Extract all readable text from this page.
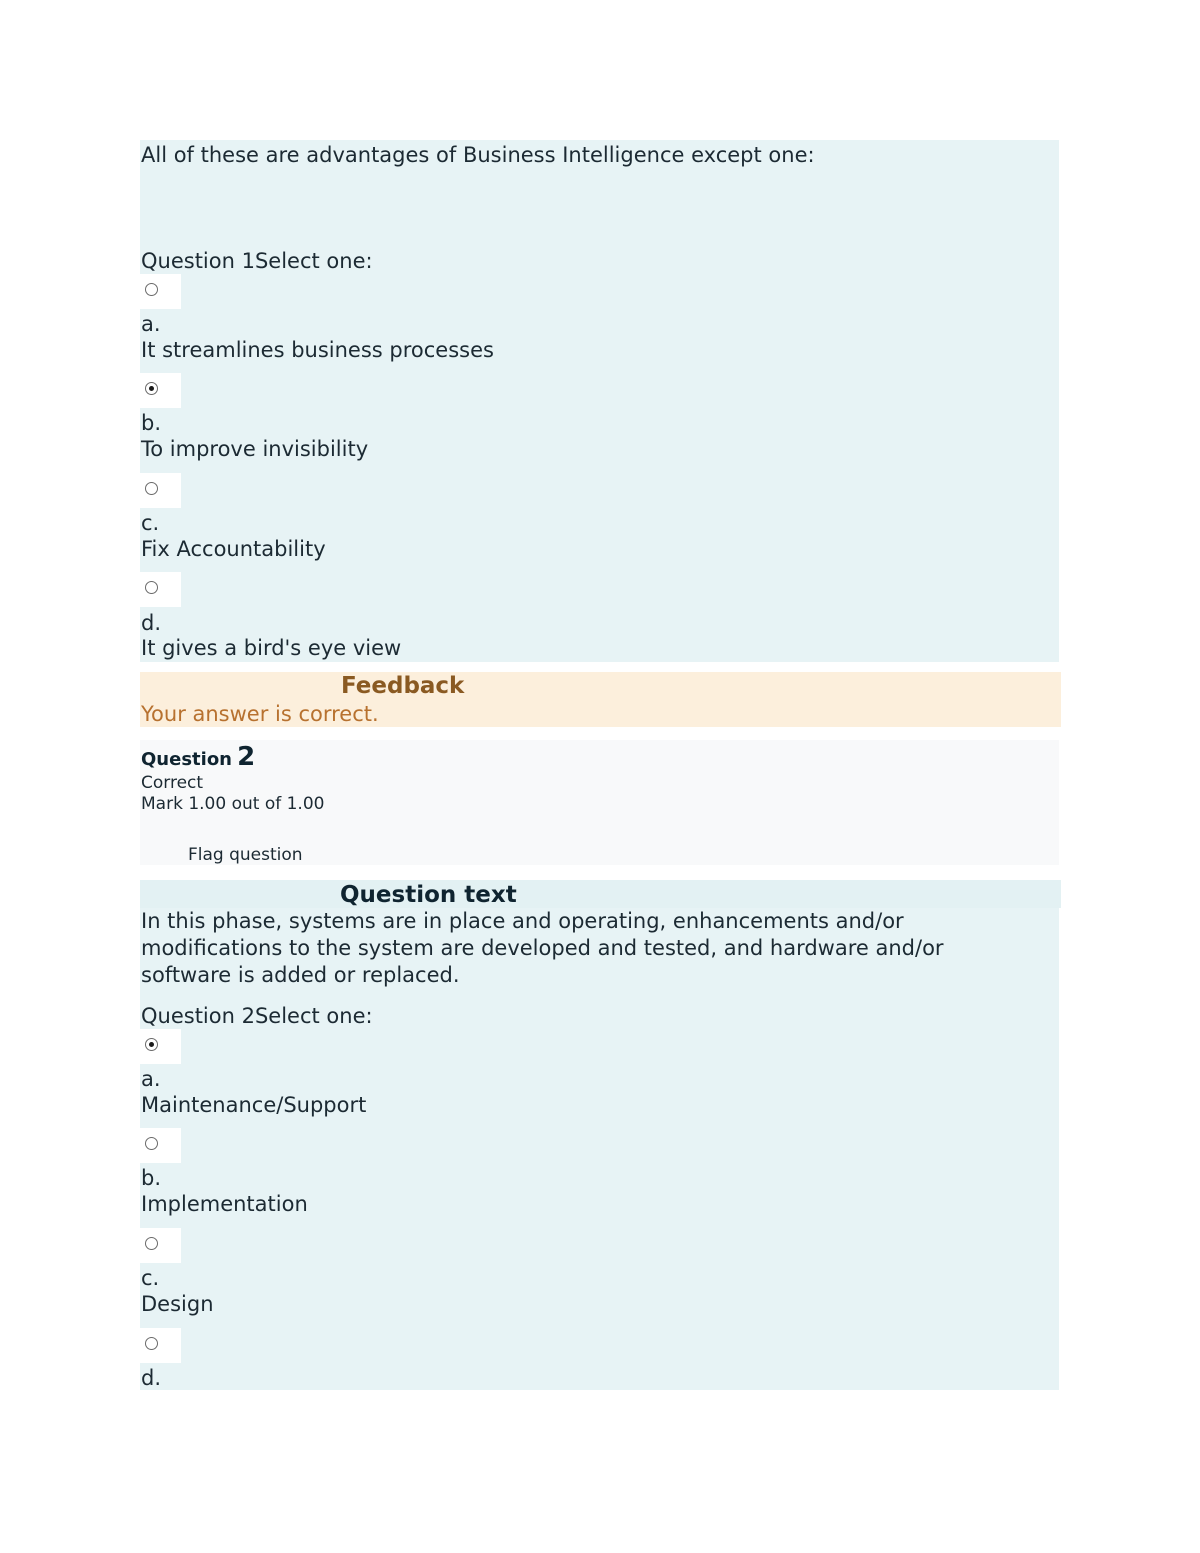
All of these are advantages of Business Intelligence except one:
Question 1Select one:
a.
It streamlines business processes
b.
To improve invisibility
c.
Fix Accountability
d.
It gives a bird's eye view
Feedback
Your answer is correct.
Question 2
Correct
Mark 1.00 out of 1.00
Flag question
Question text
In this phase, systems are in place and operating, enhancements and/or
modifications to the system are developed and tested, and hardware and/or
software is added or replaced.
Question 2Select one:
a.
Maintenance/Support
b.
Implementation
c.
Design
d.
